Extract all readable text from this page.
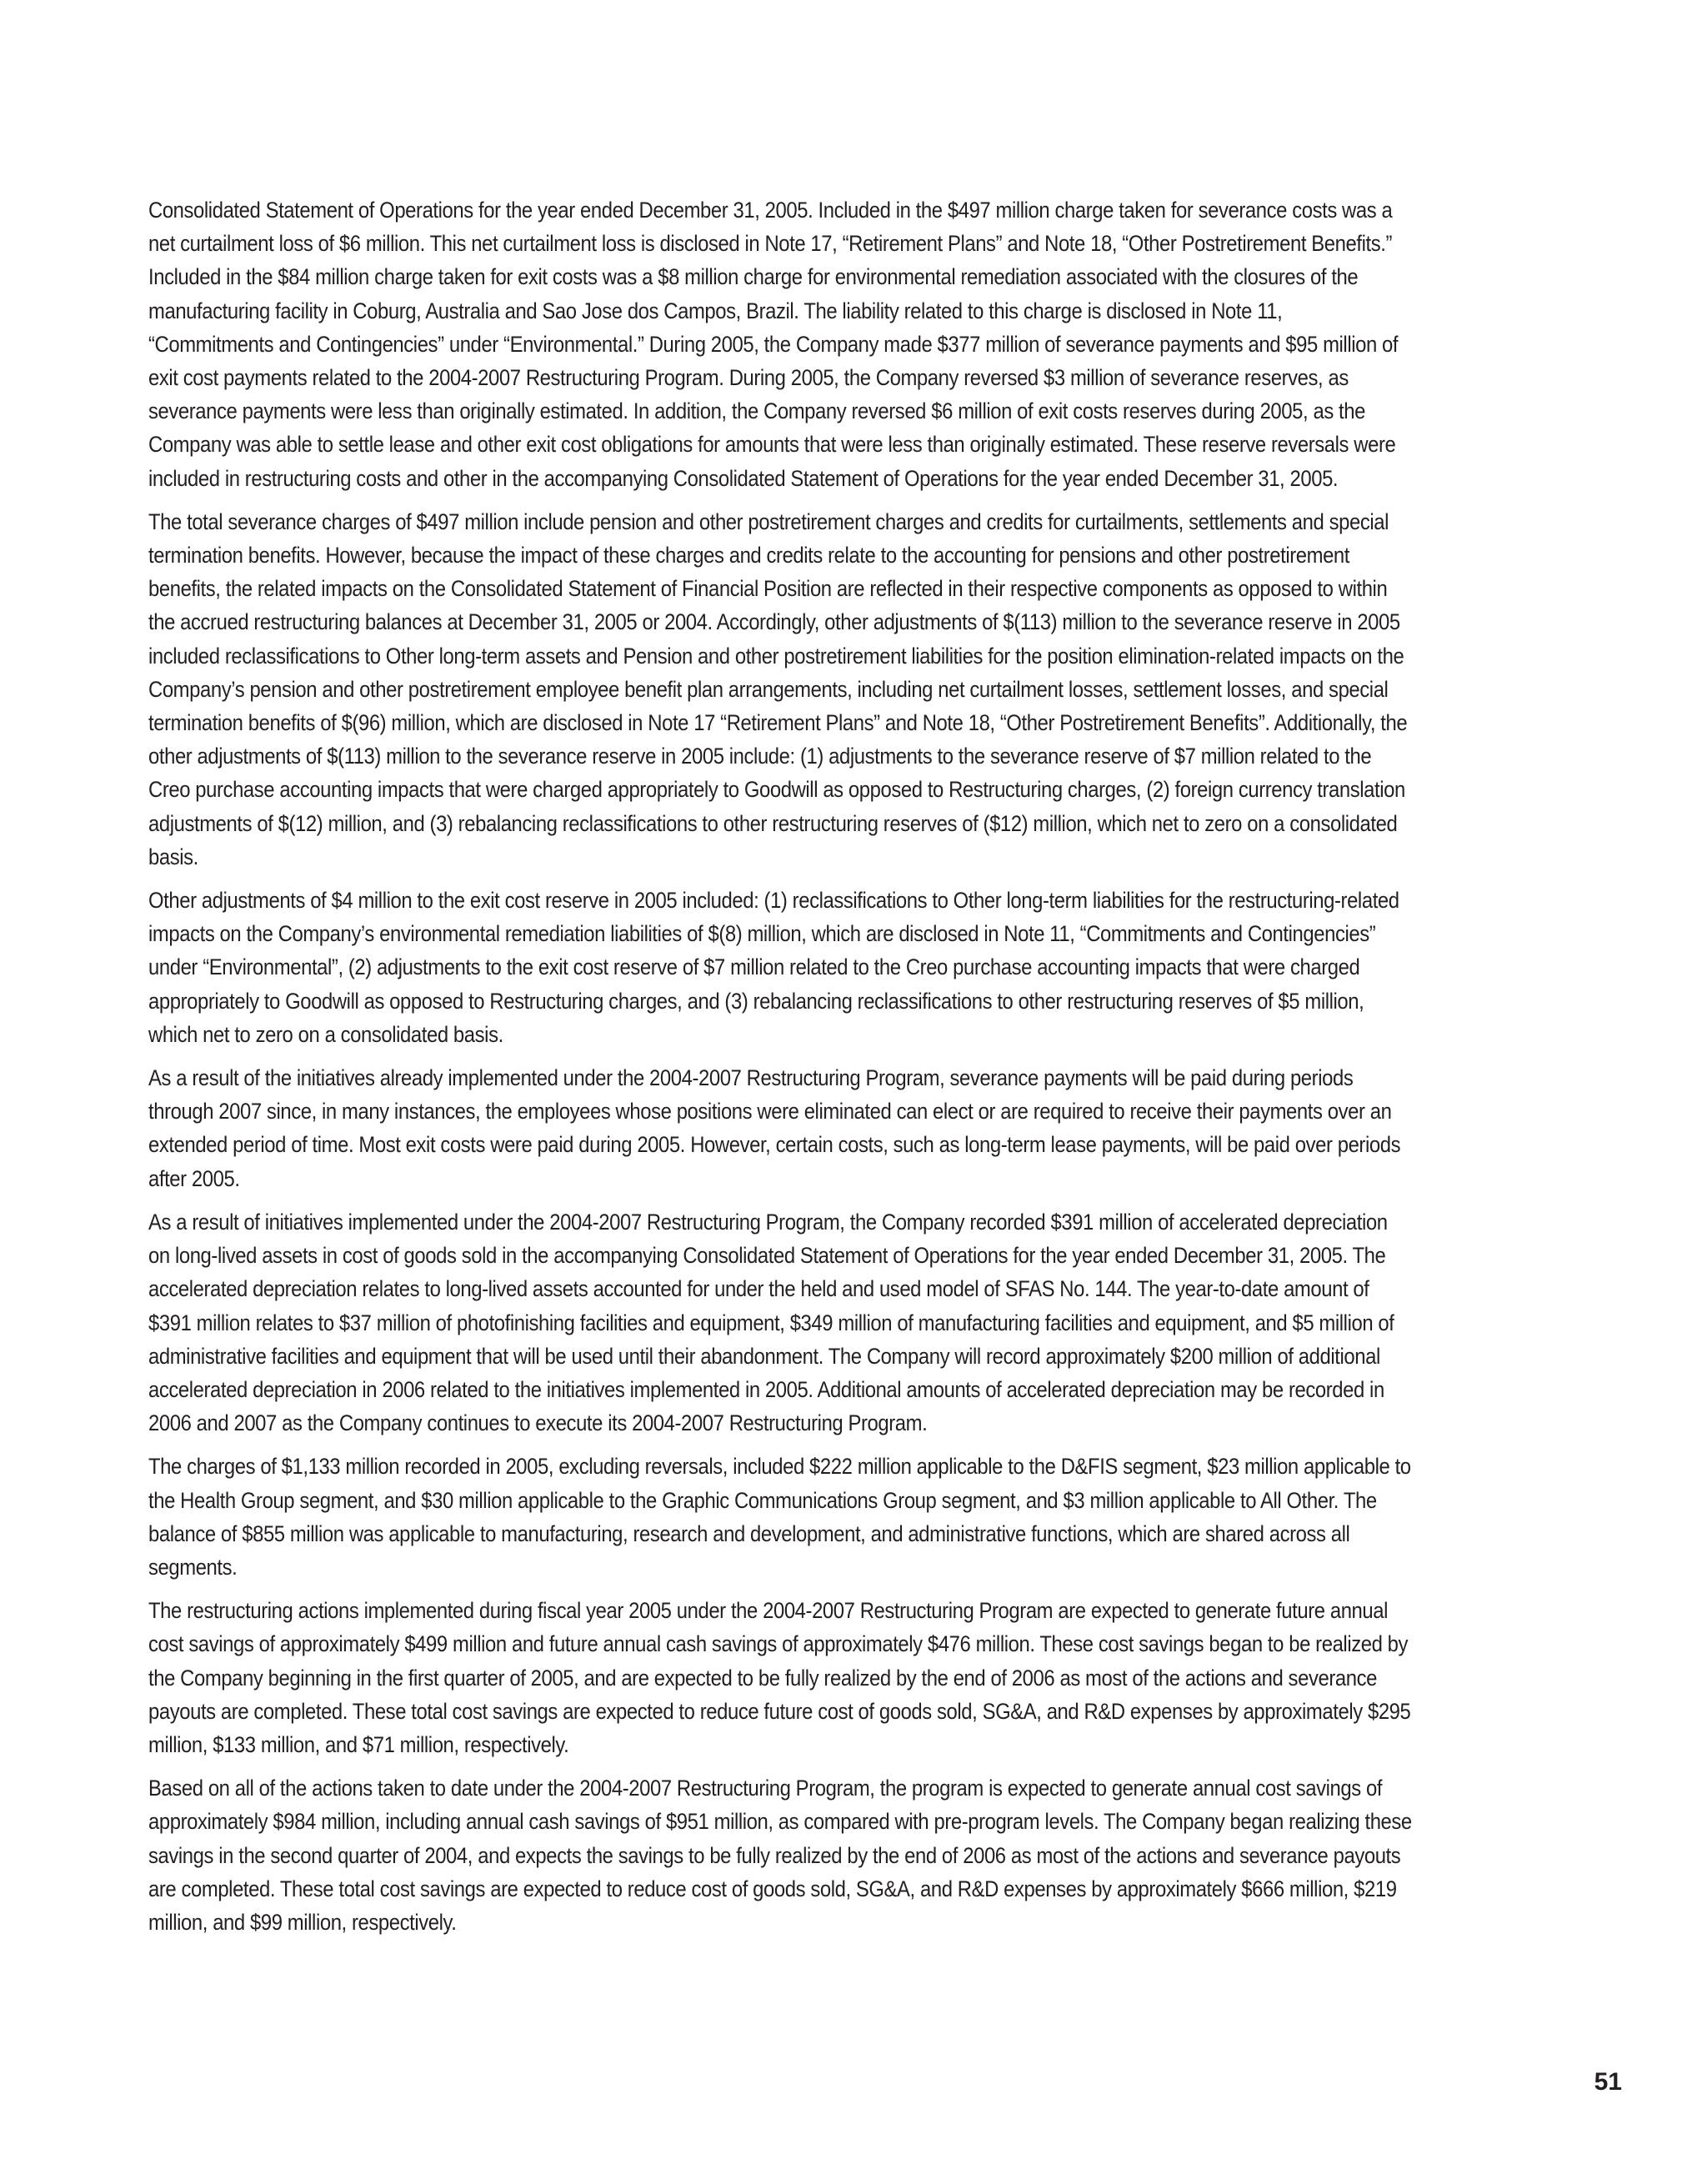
Consolidated Statement of Operations for the year ended December 31, 2005. Included in the $497 million charge taken for severance costs was a net curtailment loss of $6 million. This net curtailment loss is disclosed in Note 17, “Retirement Plans” and Note 18, “Other Postretirement Benefits.” Included in the $84 million charge taken for exit costs was a $8 million charge for environmental remediation associated with the closures of the manufacturing facility in Coburg, Australia and Sao Jose dos Campos, Brazil. The liability related to this charge is disclosed in Note 11, “Commitments and Contingencies” under “Environmental.” During 2005, the Company made $377 million of severance payments and $95 million of exit cost payments related to the 2004-2007 Restructuring Program. During 2005, the Company reversed $3 million of severance reserves, as severance payments were less than originally estimated. In addition, the Company reversed $6 million of exit costs reserves during 2005, as the Company was able to settle lease and other exit cost obligations for amounts that were less than originally estimated. These reserve reversals were included in restructuring costs and other in the accompanying Consolidated Statement of Operations for the year ended December 31, 2005.

The total severance charges of $497 million include pension and other postretirement charges and credits for curtailments, settlements and special termination benefits. However, because the impact of these charges and credits relate to the accounting for pensions and other postretirement benefits, the related impacts on the Consolidated Statement of Financial Position are reflected in their respective components as opposed to within the accrued restructuring balances at December 31, 2005 or 2004. Accordingly, other adjustments of $(113) million to the severance reserve in 2005 included reclassifications to Other long-term assets and Pension and other postretirement liabilities for the position elimination-related impacts on the Company’s pension and other postretirement employee benefit plan arrangements, including net curtailment losses, settlement losses, and special termination benefits of $(96) million, which are disclosed in Note 17 “Retirement Plans” and Note 18, “Other Postretirement Benefits”. Additionally, the other adjustments of $(113) million to the severance reserve in 2005 include: (1) adjustments to the severance reserve of $7 million related to the Creo purchase accounting impacts that were charged appropriately to Goodwill as opposed to Restructuring charges, (2) foreign currency translation adjustments of $(12) million, and (3) rebalancing reclassifications to other restructuring reserves of ($12) million, which net to zero on a consolidated basis.

Other adjustments of $4 million to the exit cost reserve in 2005 included: (1) reclassifications to Other long-term liabilities for the restructuring-related impacts on the Company’s environmental remediation liabilities of $(8) million, which are disclosed in Note 11, “Commitments and Contingencies” under “Environmental”, (2) adjustments to the exit cost reserve of $7 million related to the Creo purchase accounting impacts that were charged appropriately to Goodwill as opposed to Restructuring charges, and (3) rebalancing reclassifications to other restructuring reserves of $5 million, which net to zero on a consolidated basis.

As a result of the initiatives already implemented under the 2004-2007 Restructuring Program, severance payments will be paid during periods through 2007 since, in many instances, the employees whose positions were eliminated can elect or are required to receive their payments over an extended period of time. Most exit costs were paid during 2005. However, certain costs, such as long-term lease payments, will be paid over periods after 2005.

As a result of initiatives implemented under the 2004-2007 Restructuring Program, the Company recorded $391 million of accelerated depreciation on long-lived assets in cost of goods sold in the accompanying Consolidated Statement of Operations for the year ended December 31, 2005. The accelerated depreciation relates to long-lived assets accounted for under the held and used model of SFAS No. 144. The year-to-date amount of $391 million relates to $37 million of photofinishing facilities and equipment, $349 million of manufacturing facilities and equipment, and $5 million of administrative facilities and equipment that will be used until their abandonment. The Company will record approximately $200 million of additional accelerated depreciation in 2006 related to the initiatives implemented in 2005. Additional amounts of accelerated depreciation may be recorded in 2006 and 2007 as the Company continues to execute its 2004-2007 Restructuring Program.

The charges of $1,133 million recorded in 2005, excluding reversals, included $222 million applicable to the D&FIS segment, $23 million applicable to the Health Group segment, and $30 million applicable to the Graphic Communications Group segment, and $3 million applicable to All Other. The balance of $855 million was applicable to manufacturing, research and development, and administrative functions, which are shared across all segments.

The restructuring actions implemented during fiscal year 2005 under the 2004-2007 Restructuring Program are expected to generate future annual cost savings of approximately $499 million and future annual cash savings of approximately $476 million. These cost savings began to be realized by the Company beginning in the first quarter of 2005, and are expected to be fully realized by the end of 2006 as most of the actions and severance payouts are completed. These total cost savings are expected to reduce future cost of goods sold, SG&A, and R&D expenses by approximately $295 million, $133 million, and $71 million, respectively.

Based on all of the actions taken to date under the 2004-2007 Restructuring Program, the program is expected to generate annual cost savings of approximately $984 million, including annual cash savings of $951 million, as compared with pre-program levels. The Company began realizing these savings in the second quarter of 2004, and expects the savings to be fully realized by the end of 2006 as most of the actions and severance payouts are completed. These total cost savings are expected to reduce cost of goods sold, SG&A, and R&D expenses by approximately $666 million, $219 million, and $99 million, respectively.

51
